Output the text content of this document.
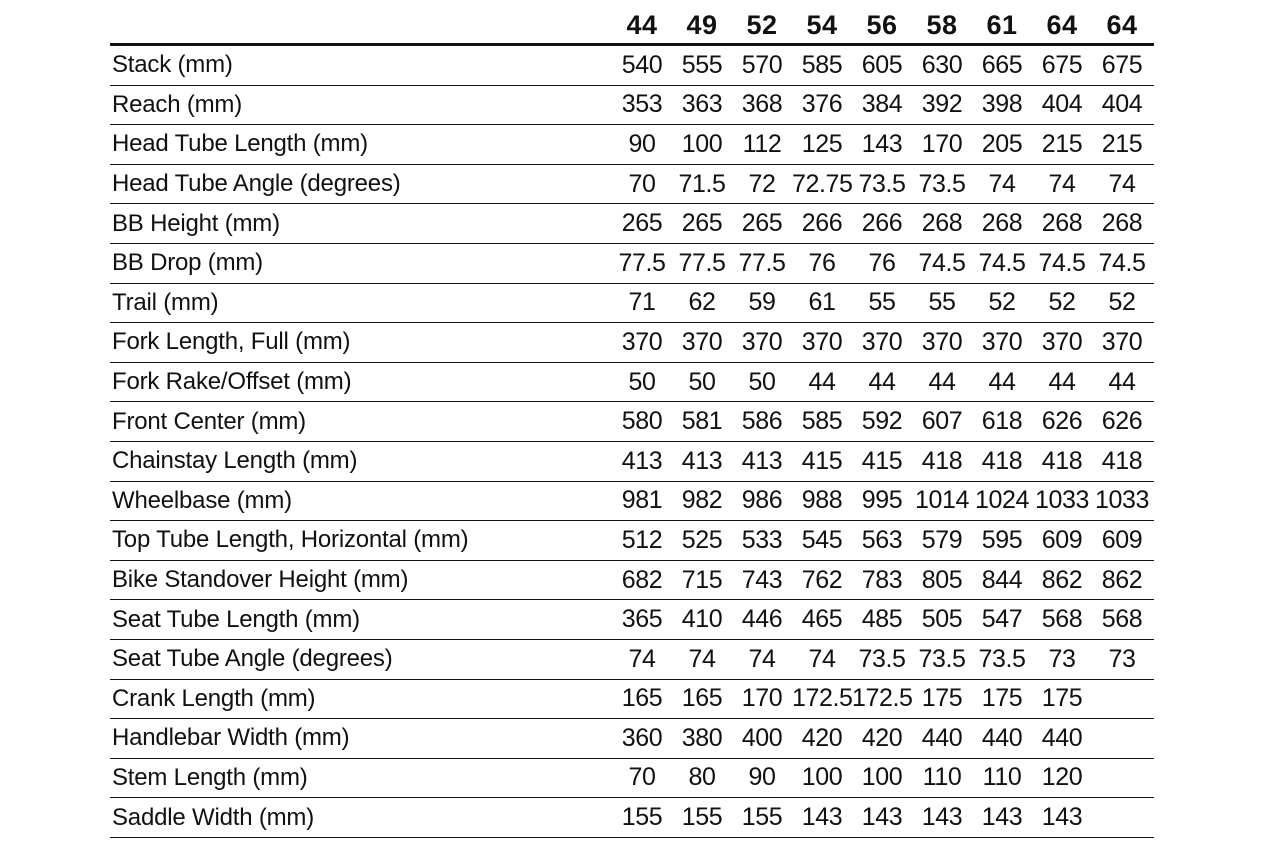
44	49	52	54	56	58	61	64	64
Stack (mm)	540 555 570 585 605 630 665 675 675
Reach (mm)	353 363 368 376 384 392 398 404 404
Head Tube Length (mm)	90	100 112 125 143 170 205 215 215
Head Tube Angle (degrees)	70 71.5 72 72.75 73.5 73.5 74	74	74
BB Height (mm)	265 265 265 266 266 268 268 268 268
BB Drop (mm)	77.5 77.5 77.5 76	76 74.5 74.5 74.5 74.5
Trail (mm)	71	62	59	61	55	55	52	52	52
Fork Length, Full (mm)	370 370 370 370 370 370 370 370 370
Fork Rake/Offset (mm)	50	50	50	44	44	44	44	44	44
Front Center (mm)	580 581 586 585 592 607 618 626 626
Chainstay Length (mm)	413 413 413 415 415 418 418 418 418
Wheelbase (mm)	981 982 986 988 995 1014 1024 1033 1033
Top Tube Length, Horizontal (mm)	512 525 533 545 563 579 595 609 609
Bike Standover Height (mm)	682 715 743 762 783 805 844 862 862
Seat Tube Length (mm)	365 410 446 465 485 505 547 568 568
Seat Tube Angle (degrees)	74	74	74	74 73.5 73.5 73.5 73	73
Crank Length (mm)	165 165 170 172.5 172.5 175 175 175
Handlebar Width (mm)	360 380 400 420 420 440 440 440
Stem Length (mm)	70	80	90	100 100 110 110 120
Saddle Width (mm)	155 155 155 143 143 143 143 143
